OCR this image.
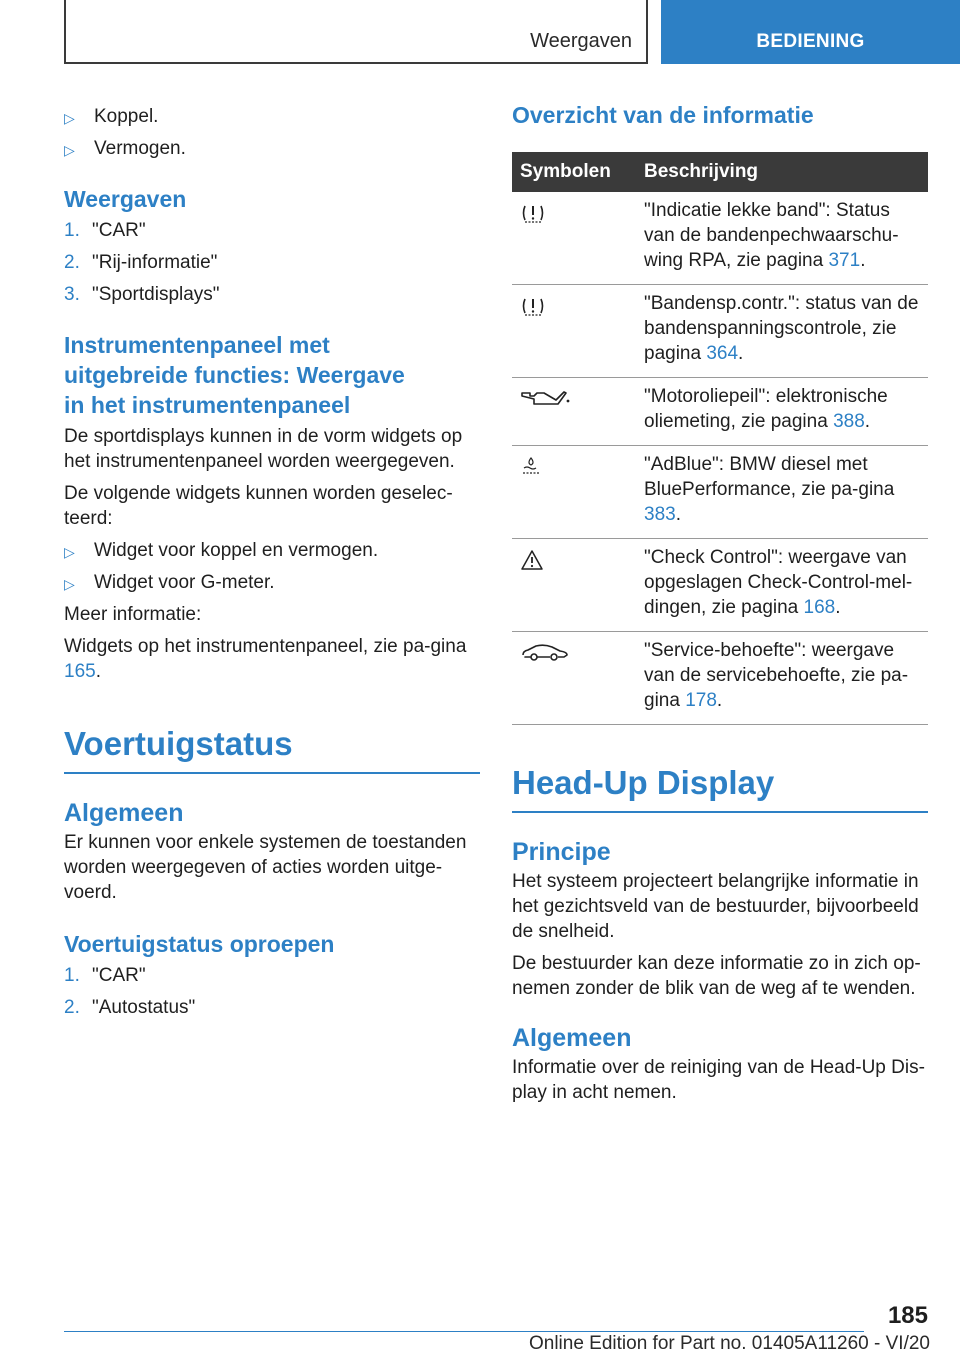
Weergaven	BEDIENING
▷ Koppel.
▷ Vermogen.
Weergaven
1. "CAR"
2. "Rij-informatie"
3. "Sportdisplays"
Instrumentenpaneel met
uitgebreide functies: Weergave
in het instrumentenpaneel

De sportdisplays kunnen in de vorm widgets op het instrumentenpaneel worden weergegeven.

De volgende widgets kunnen worden geselec‐teerd:

▷ Widget voor koppel en vermogen.
▷ Widget voor G-meter.

Meer informatie:

Widgets op het instrumentenpaneel, zie pa‐gina 165.

Voertuigstatus
Algemeen

Er kunnen voor enkele systemen de toestanden worden weergegeven of acties worden uitge‐voerd.

Voertuigstatus oproepen
1. "CAR"
2. "Autostatus"
Overzicht van de informatie
Symbolen	Beschrijving
	"Indicatie lekke band": Status van de bandenpechwaarschu‐wing RPA, zie pagina 371.
	"Bandensp.contr.": status van de bandenspanningscontrole, zie pagina 364.
	"Motoroliepeil": elektronische oliemeting, zie pagina 388.
	"AdBlue": BMW diesel met BluePerformance, zie pa‐gina 383.
	"Check Control": weergave van opgeslagen Check-Control-mel‐dingen, zie pagina 168.
	"Service-behoefte": weergave van de servicebehoefte, zie pa‐gina 178.
Head-Up Display
Principe

Het systeem projecteert belangrijke informatie in het gezichtsveld van de bestuurder, bijvoorbeeld de snelheid.

De bestuurder kan deze informatie zo in zich op‐nemen zonder de blik van de weg af te wenden.

Algemeen

Informatie over de reiniging van de Head-Up Dis‐play in acht nemen.

185
Online Edition for Part no. 01405A11260 - VI/20
